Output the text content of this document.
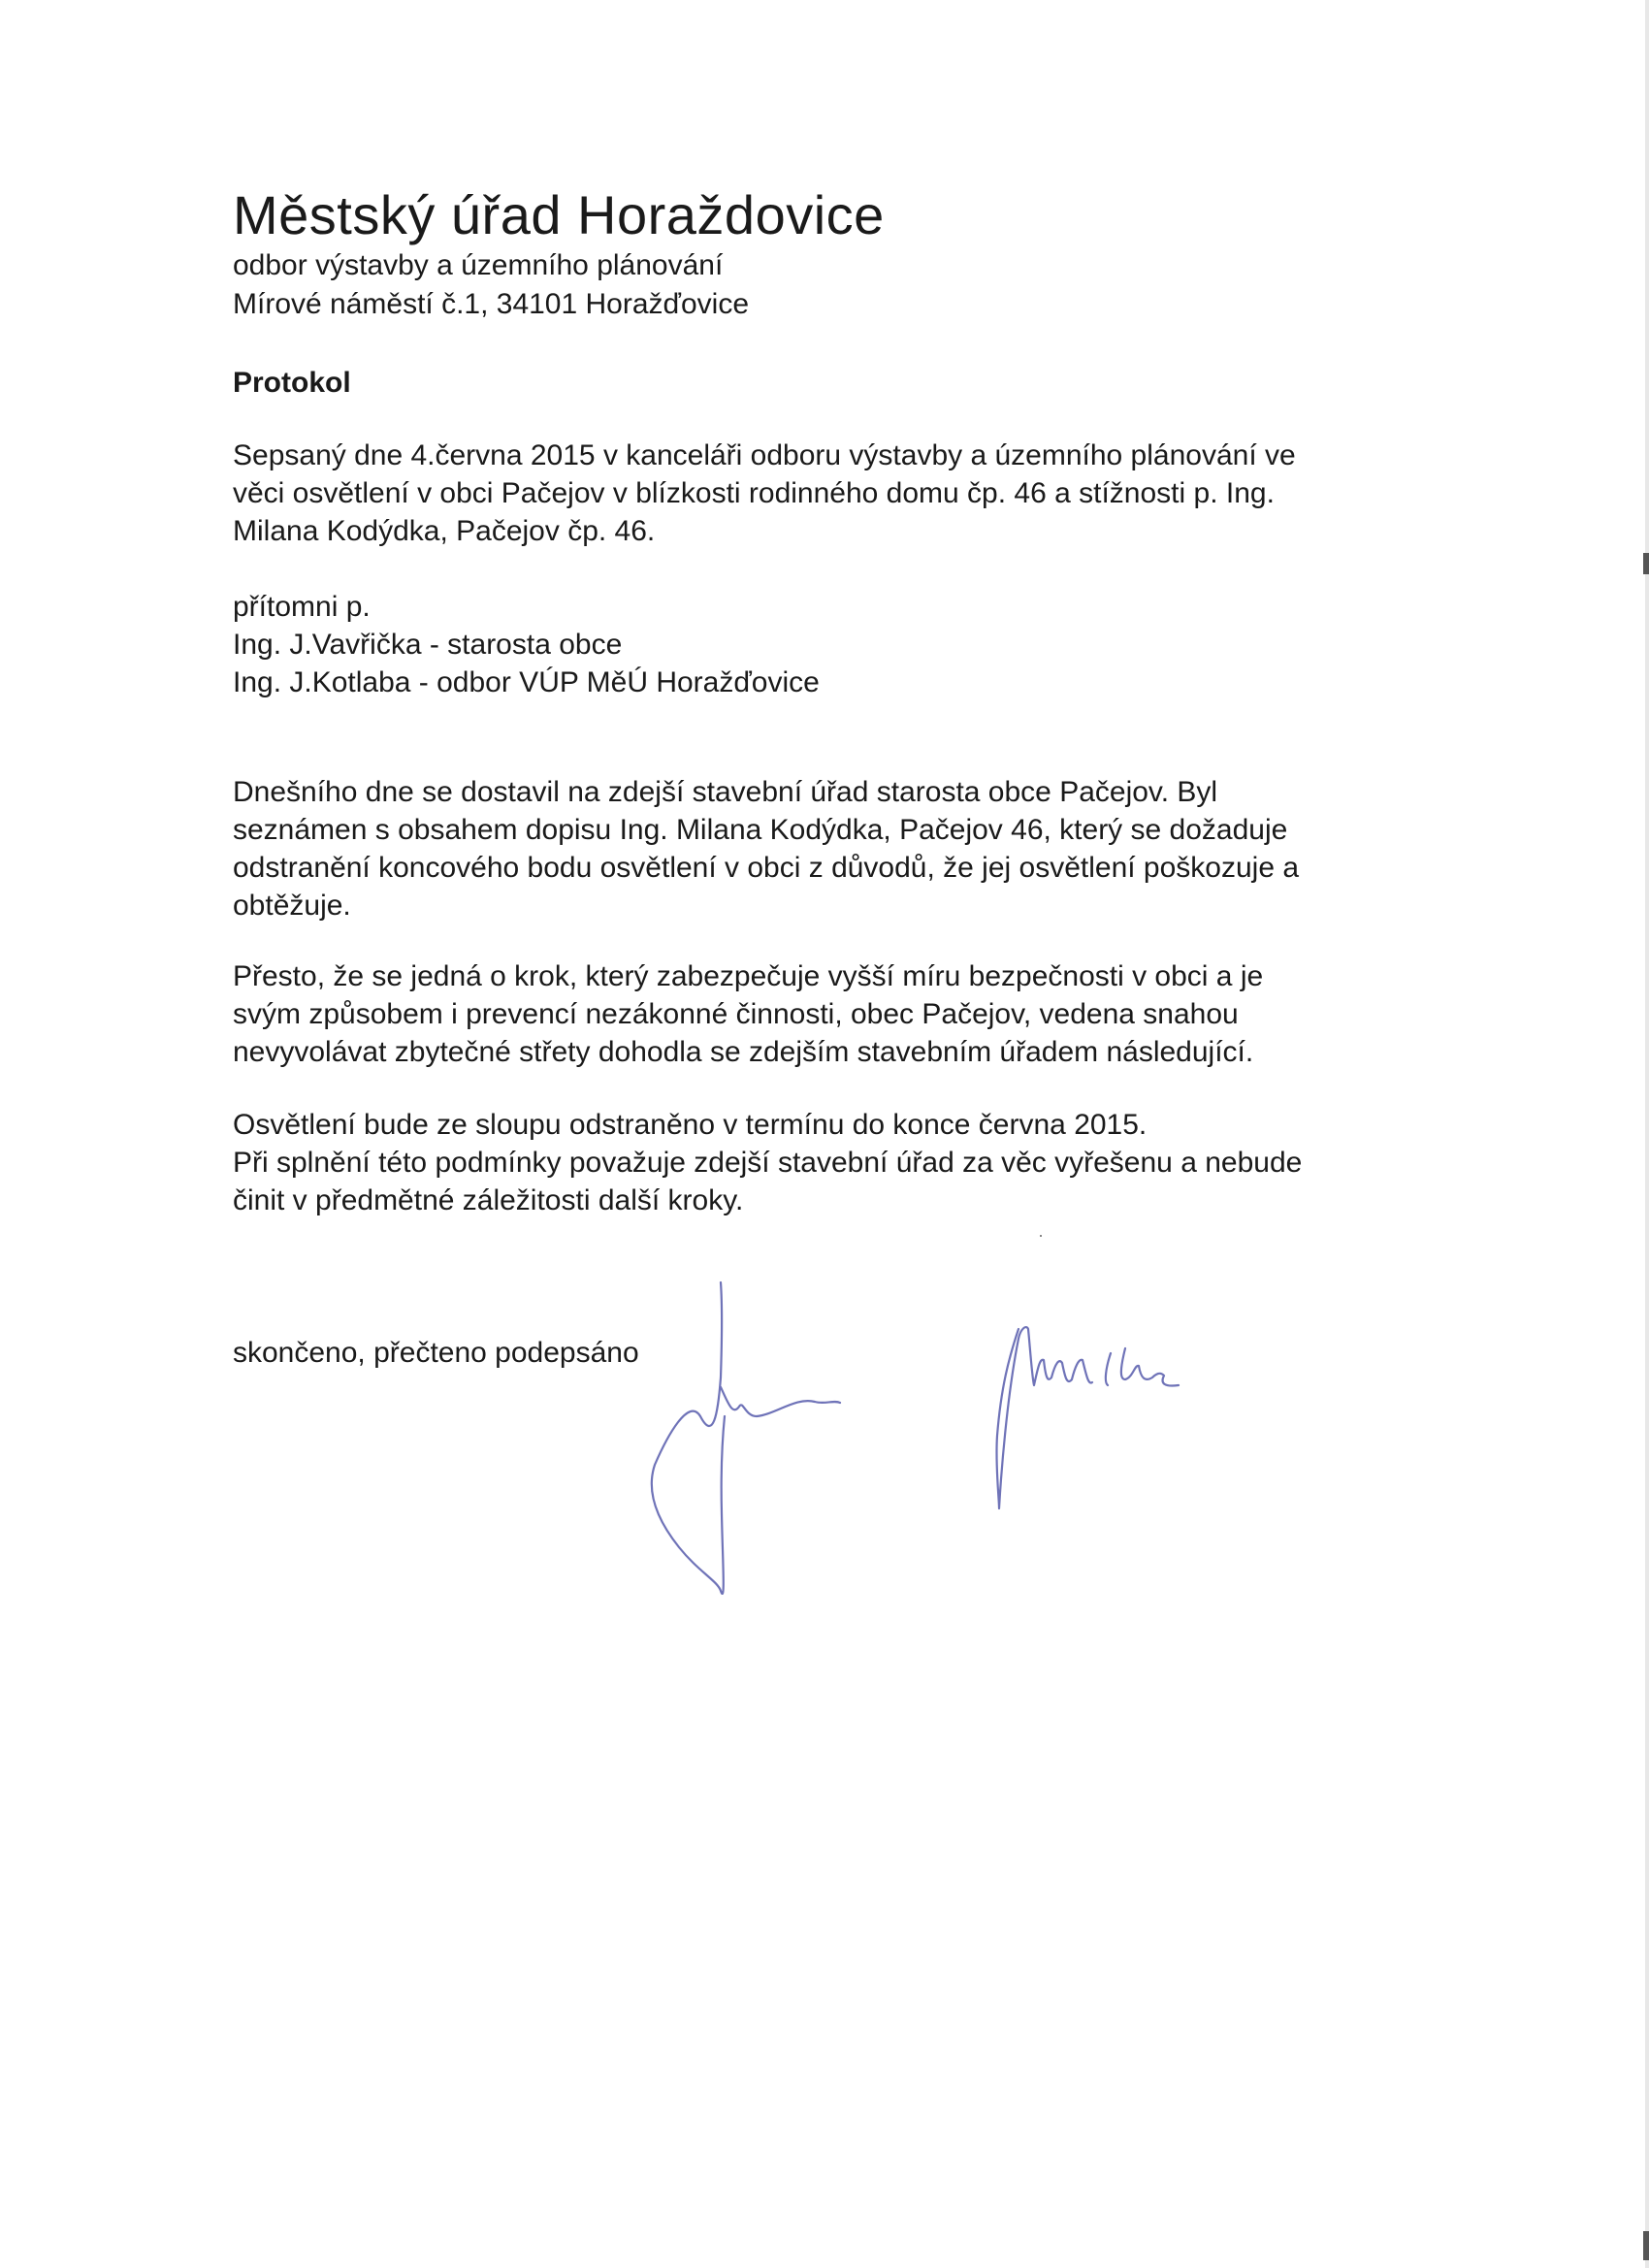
Městský úřad Horaždovice
odbor výstavby a územního plánování
Mírové náměstí č.1, 34101 Horažďovice
Protokol

Sepsaný dne 4.června 2015 v kanceláři odboru výstavby a územního plánování ve
věci osvětlení v obci Pačejov v blízkosti rodinného domu čp. 46 a stížnosti p. Ing.
Milana Kodýdka, Pačejov čp. 46.

přítomni p.
Ing. J.Vavřička - starosta obce
Ing. J.Kotlaba - odbor VÚP MěÚ Horažďovice

Dnešního dne se dostavil na zdejší stavební úřad starosta obce Pačejov. Byl
seznámen s obsahem dopisu Ing. Milana Kodýdka, Pačejov 46, který se dožaduje
odstranění koncového bodu osvětlení v obci z důvodů, že jej osvětlení poškozuje a
obtěžuje.

Přesto, že se jedná o krok, který zabezpečuje vyšší míru bezpečnosti v obci a je
svým způsobem i prevencí nezákonné činnosti, obec Pačejov, vedena snahou
nevyvolávat zbytečné střety dohodla se zdejším stavebním úřadem následující.

Osvětlení bude ze sloupu odstraněno v termínu do konce června 2015.
Při splnění této podmínky považuje zdejší stavební úřad za věc vyřešenu a nebude
činit v předmětné záležitosti další kroky.

skončeno, přečteno podepsáno
